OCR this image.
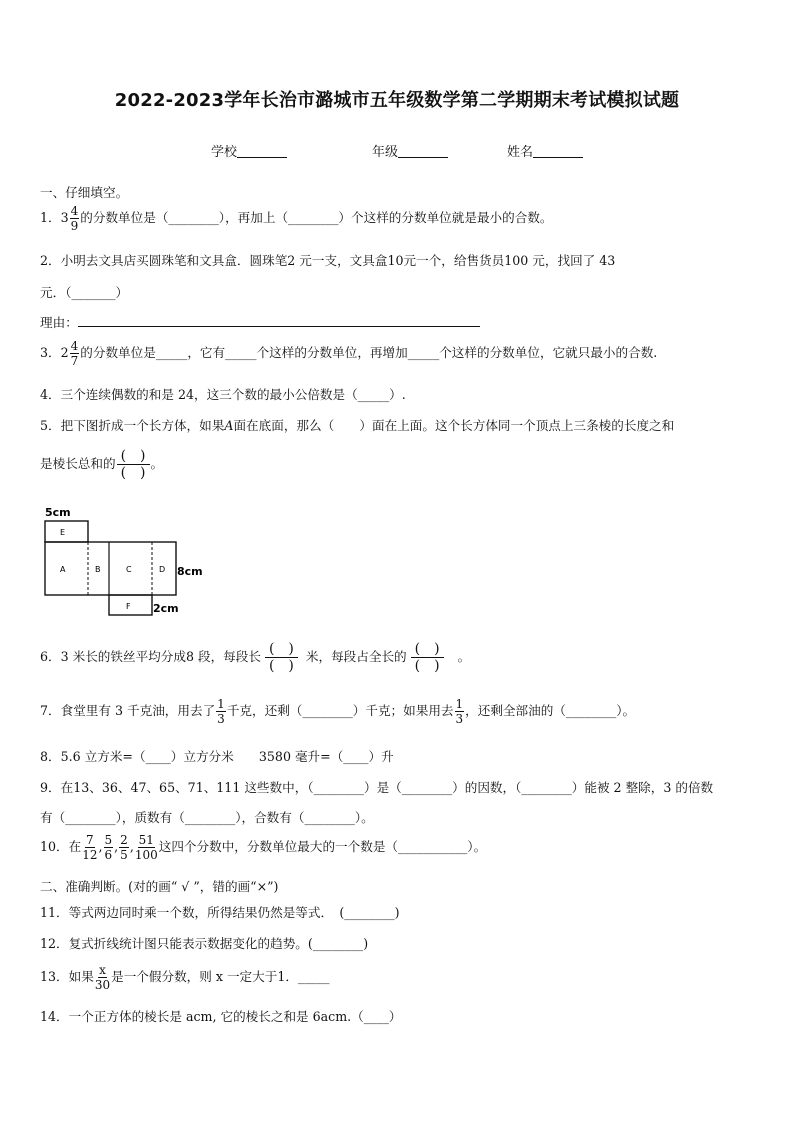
2022-2023学年长治市潞城市五年级数学第二学期期末考试模拟试题
学校	年级	姓名
一、仔细填空。
1．$3 \frac{4}{9}$ 的分数单位是（________），再加上（________）个这样的分数单位就是最小的合数。
2．小明去文具店买圆珠笔和文具盒．圆珠笔2 元一支，文具盒10元一个，给售货员100 元，找回了 43
元．（_______）
理由：
3．$2 \frac{4}{7}$ 的分数单位是_____，它有_____个这样的分数单位，再增加_____个这样的分数单位，它就只最小的合数.
4．三个连续偶数的和是 24，这三个数的最小公倍数是（_____）.
5．把下图折成一个长方体，如果A面在底面，那么（　　）面在上面。这个长方体同一个顶点上三条棱的长度之和
是棱长总和的 $\frac{( )}{( )}$ 。
5cm
E
A	B	C	D
F
8cm
2cm
6．3 米长的铁丝平均分成8 段，每段长 $\frac{( )}{( )}$ 米，每段占全长的 $\frac{( )}{( )}$ 。
7．食堂里有 3 千克油，用去了 $\frac{1}{3}$ 千克，还剩（________）千克；如果用去 $\frac{1}{3}$ ，还剩全部油的（________）。
8．5.6 立方米=（____）立方分米　　3580 毫升=（____）升
9．在13、36、47、65、71、111 这些数中，（________）是（________）的因数，（________）能被 2 整除，3 的倍数
有（________），质数有（________），合数有（________）。
10．在 $\frac{7}{12}$ , $\frac{5}{6}$ , $\frac{2}{5}$ , $\frac{51}{100}$ 这四个分数中，分数单位最大的一个数是（___________）。
二、准确判断。(对的画“ √ ”，错的画“×”)
11．等式两边同时乘一个数，所得结果仍然是等式．　(________)
12．复式折线统计图只能表示数据变化的趋势。(________)
13．如果 $\frac{x}{30}$ 是一个假分数，则 x 一定大于1．_____
14．一个正方体的棱长是 acm, 它的棱长之和是 6acm.（____）
